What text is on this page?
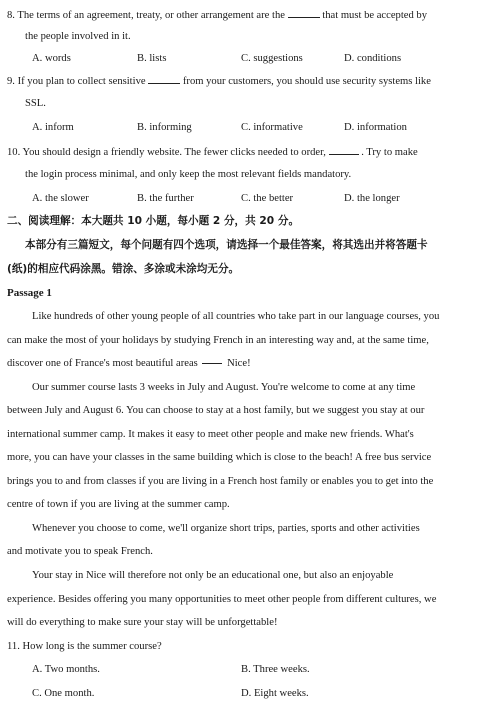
8. The terms of an agreement, treaty, or other arrangement are the	that must be accepted by
the people involved in it.
A. words	B. lists	C. suggestions	D. conditions
9. If you plan to collect sensitive	from your customers, you should use security systems like
SSL.
A. inform	B. informing	C. informative	D. information
10. You should design a friendly website. The fewer clicks needed to order,	. Try to make
the login process minimal, and only keep the most relevant fields mandatory.
A. the slower	B. the further	C. the better	D. the longer
二、阅读理解：本大题共 10 小题，每小题 2 分，共 20 分。
本部分有三篇短文，每个问题有四个选项，请选择一个最佳答案，将其选出并将答题卡
(纸)的相应代码涂黑。错涂、多涂或未涂均无分。
Passage 1
Like hundreds of other young people of all countries who take part in our language courses, you
can make the most of your holidays by studying French in an interesting way and, at the same time,
discover one of France's most beautiful areas	Nice!
Our summer course lasts 3 weeks in July and August. You're welcome to come at any time
between July and August 6. You can choose to stay at a host family, but we suggest you stay at our
international summer camp. It makes it easy to meet other people and make new friends. What's
more, you can have your classes in the same building which is close to the beach! A free bus service
brings you to and from classes if you are living in a French host family or enables you to get into the
centre of town if you are living at the summer camp.
Whenever you choose to come, we'll organize short trips, parties, sports and other activities
and motivate you to speak French.
Your stay in Nice will therefore not only be an educational one, but also an enjoyable
experience. Besides offering you many opportunities to meet other people from different cultures, we
will do everything to make sure your stay will be unforgettable!
11. How long is the summer course?
A. Two months.	B. Three weeks.
C. One month.	D. Eight weeks.
